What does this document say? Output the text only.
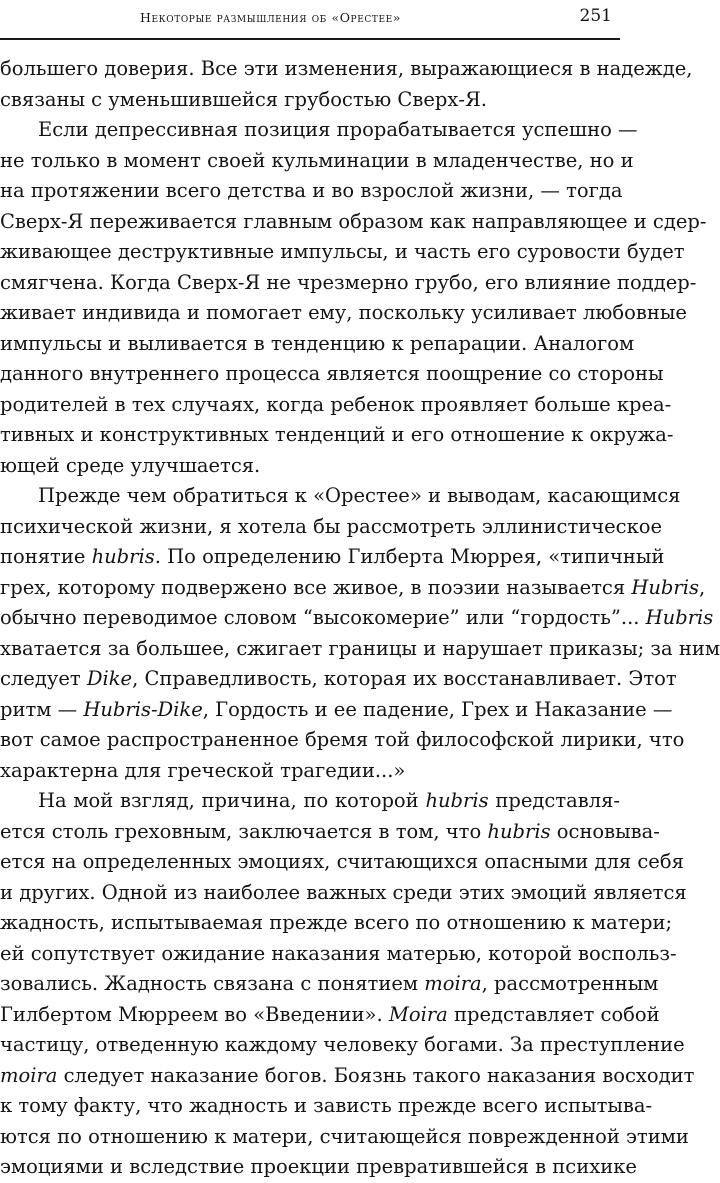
Некоторые размышления об «Орестее»	251
большего доверия. Все эти изменения, выражающиеся в надежде,
связаны с уменьшившейся грубостью Сверх-Я.
Если депрессивная позиция прорабатывается успешно —
не только в момент своей кульминации в младенчестве, но и
на протяжении всего детства и во взрослой жизни, — тогда
Сверх-Я переживается главным образом как направляющее и сдер-
живающее деструктивные импульсы, и часть его суровости будет
смягчена. Когда Сверх-Я не чрезмерно грубо, его влияние поддер-
живает индивида и помогает ему, поскольку усиливает любовные
импульсы и выливается в тенденцию к репарации. Аналогом
данного внутреннего процесса является поощрение со стороны
родителей в тех случаях, когда ребенок проявляет больше креа-
тивных и конструктивных тенденций и его отношение к окружа-
ющей среде улучшается.
Прежде чем обратиться к «Орестее» и выводам, касающимся
психической жизни, я хотела бы рассмотреть эллинистическое
понятие hubris. По определению Гилберта Мюррея, «типичный
грех, которому подвержено все живое, в поэзии называется Hubris,
обычно переводимое словом “высокомерие” или “гордость”... Hubris
хватается за большее, сжигает границы и нарушает приказы; за ним
следует Dike, Справедливость, которая их восстанавливает. Этот
ритм — Hubris-Dike, Гордость и ее падение, Грех и Наказание —
вот самое распространенное бремя той философской лирики, что
характерна для греческой трагедии...»
На мой взгляд, причина, по которой hubris представля-
ется столь греховным, заключается в том, что hubris основыва-
ется на определенных эмоциях, считающихся опасными для себя
и других. Одной из наиболее важных среди этих эмоций является
жадность, испытываемая прежде всего по отношению к матери;
ей сопутствует ожидание наказания матерью, которой воспольз-
зовались. Жадность связана с понятием moira, рассмотренным
Гилбертом Мюрреем во «Введении». Moira представляет собой
частицу, отведенную каждому человеку богами. За преступление
moira следует наказание богов. Боязнь такого наказания восходит
к тому факту, что жадность и зависть прежде всего испытыва-
ются по отношению к матери, считающейся поврежденной этими
эмоциями и вследствие проекции превратившейся в психике
